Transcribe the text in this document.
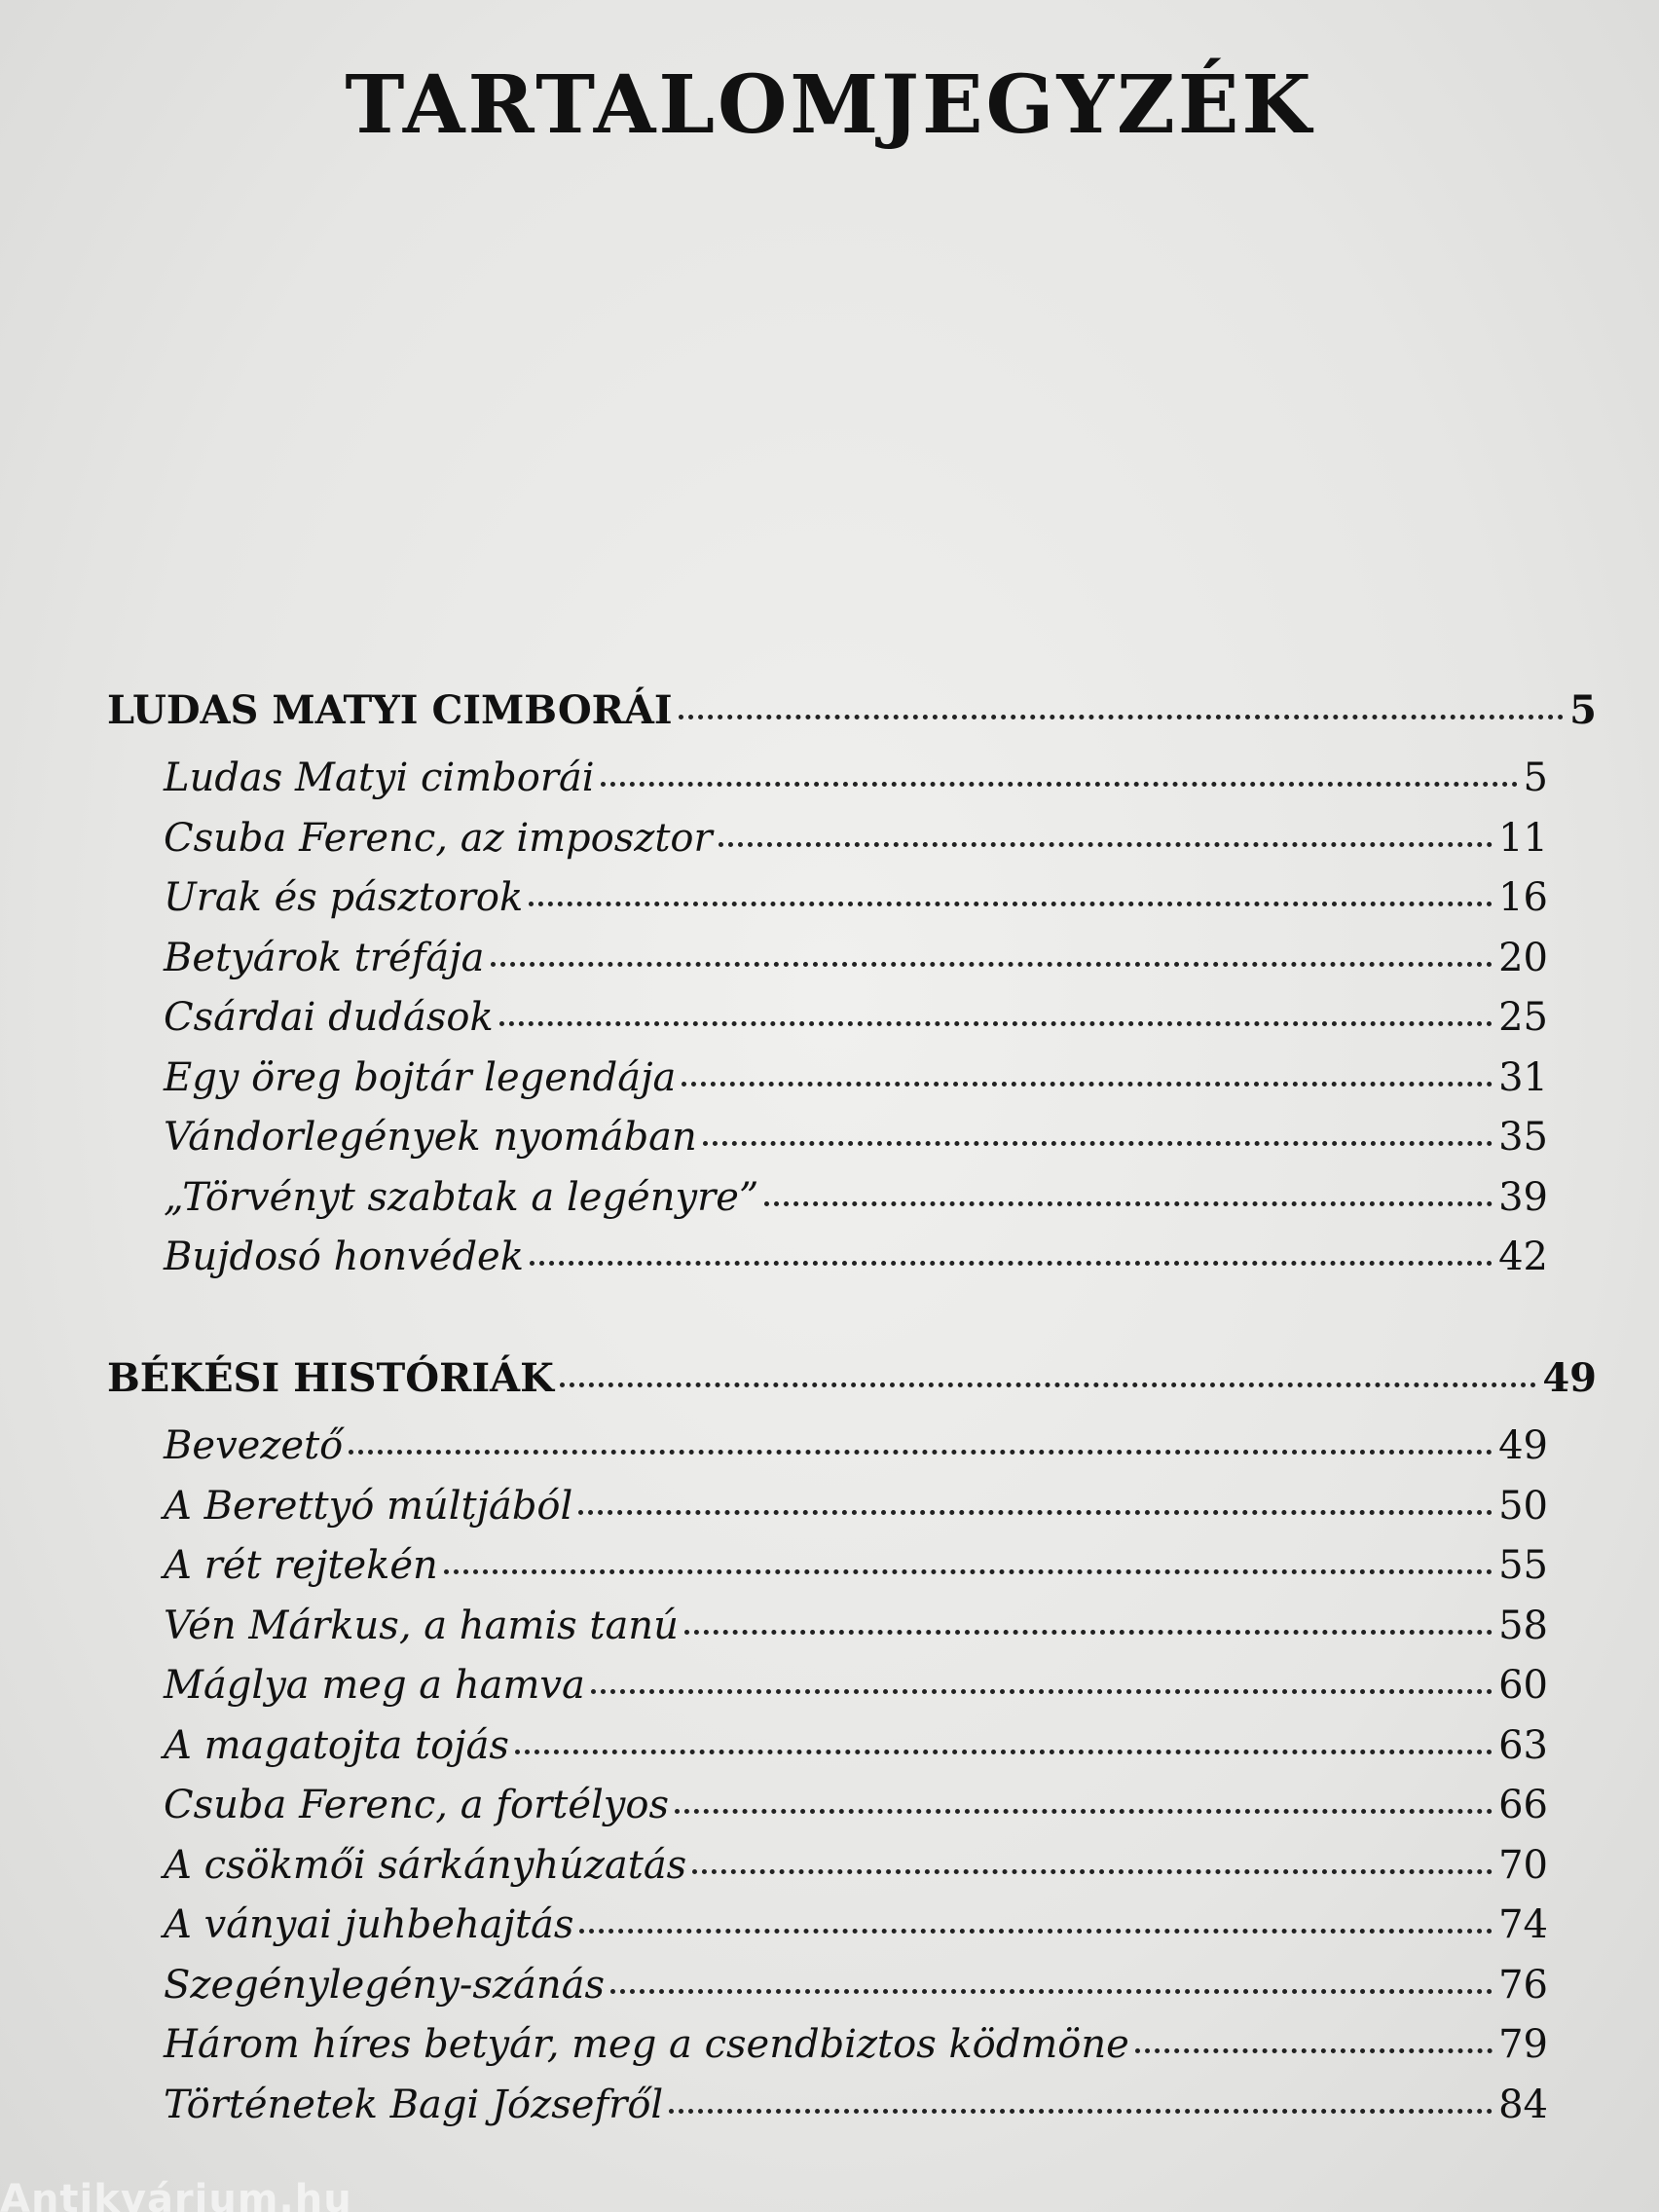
TARTALOMJEGYZÉK
LUDAS MATYI CIMBORÁI	5
Ludas Matyi cimborái	5
Csuba Ferenc, az imposztor	11
Urak és pásztorok	16
Betyárok tréfája	20
Csárdai dudások	25
Egy öreg bojtár legendája	31
Vándorlegények nyomában	35
„Törvényt szabtak a legényre”	39
Bujdosó honvédek	42
BÉKÉSI HISTÓRIÁK	49
Bevezető	49
A Berettyó múltjából	50
A rét rejtekén	55
Vén Márkus, a hamis tanú	58
Máglya meg a hamva	60
A magatojta tojás	63
Csuba Ferenc, a fortélyos	66
A csökmői sárkányhúzatás	70
A ványai juhbehajtás	74
Szegénylegény-szánás	76
Három híres betyár, meg a csendbiztos ködmöne	79
Történetek Bagi Józsefről	84
Antikvárium.hu
